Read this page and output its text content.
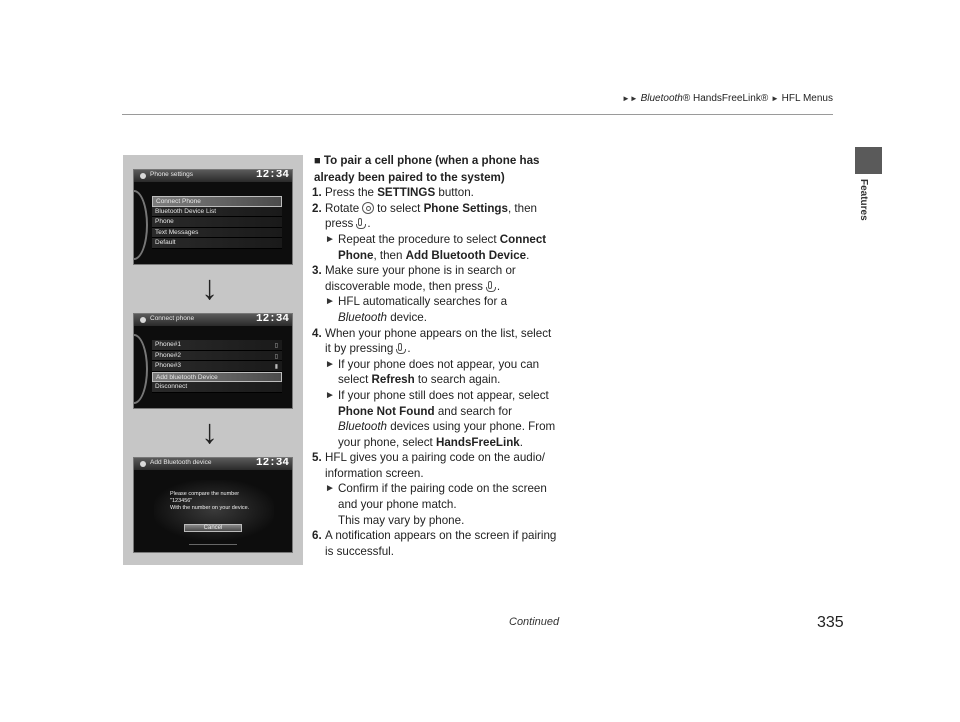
►► Bluetooth® HandsFreeLink® ► HFL Menus
Features
Phone settings	12:34
Connect Phone
Bluetooth Device List
Phone
Text Messages
Default
↓
Connect phone	12:34
Phone#1	▯
Phone#2	▯
Phone#3	▮
Add bluetooth Device
Disconnect
↓
Add Bluetooth device	12:34
Please compare the number
"123456"
With the number on your device.
Cancel
■ To pair a cell phone (when a phone has already been paired to the system)
1. Press the SETTINGS button.
2. Rotate to select Phone Settings, then press .
► Repeat the procedure to select Connect Phone, then Add Bluetooth Device.
3. Make sure your phone is in search or discoverable mode, then press .
► HFL automatically searches for a Bluetooth device.
4. When your phone appears on the list, select it by pressing .
► If your phone does not appear, you can select Refresh to search again.
► If your phone still does not appear, select Phone Not Found and search for Bluetooth devices using your phone. From your phone, select HandsFreeLink.
5. HFL gives you a pairing code on the audio/ information screen.
► Confirm if the pairing code on the screen and your phone match.
This may vary by phone.
6. A notification appears on the screen if pairing is successful.
Continued	335
